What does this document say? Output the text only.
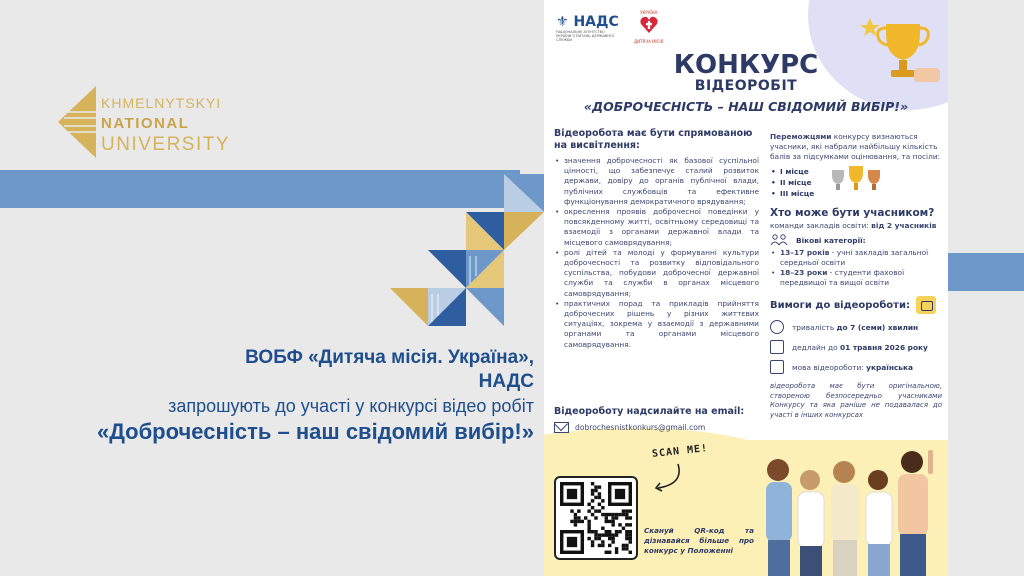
KHMELNYTSKYI
NATIONAL
UNIVERSITY
ВОБФ «Дитяча місія. Україна»,
НАДС
запрошують до участі у конкурсі відео робіт
«Доброчесність – наш свідомий вибір!»
⚜ НАДС
НАЦІОНАЛЬНЕ АГЕНТСТВО УКРАЇНИ З ПИТАНЬ ДЕРЖАВНОЇ СЛУЖБИ
УКРАЇНА
ДИТЯЧА МІСІЯ
КОНКУРС
ВІДЕОРОБІТ
«ДОБРОЧЕСНІСТЬ – НАШ СВІДОМИЙ ВИБІР!»
Відеоробота має бути спрямованою на висвітлення:
• значення доброчесності як базової суспільної цінності, що забезпечує сталий розвиток держави, довіру до органів публічної влади, публічних службовців та ефективне функціонування демократичного врядування;
• окреслення проявів доброчесної поведінки у повсякденному житті, освітньому середовищі та взаємодії з органами державної влади та місцевого самоврядування;
• ролі дітей та молоді у формуванні культури доброчесності та розвитку відповідального суспільства, побудови доброчесної державної служби та служби в органах місцевого самоврядування;
• практичних порад та прикладів прийняття доброчесних рішень у різних життєвих ситуаціях, зокрема у взаємодії з державними органами та органами місцевого самоврядування.
Відеороботу надсилайте на email:
dobrochesnistkonkurs@gmail.com
Переможцями конкурсу визнаються учасники, які набрали найбільшу кількість балів за підсумками оцінювання, та посіли:
• I місце
• II місце
• III місце
Хто може бути учасником?
команди закладів освіти: від 2 учасників
Вікові категорії:
• 13–17 років - учні закладів загальної середньої освіти
• 18–23 роки - студенти фахової передвищої та вищої освіти
Вимоги до відеороботи:
тривалість до 7 (семи) хвилин
дедлайн до 01 травня 2026 року
мова відеороботи: українська
відеоробота має бути оригінальною, створеною безпосередньо учасниками Конкурсу та яка раніше не подавалася до участі в інших конкурсах
SCAN ME!
Скануй QR-код та дізнавайся більше про конкурс у Положенні
